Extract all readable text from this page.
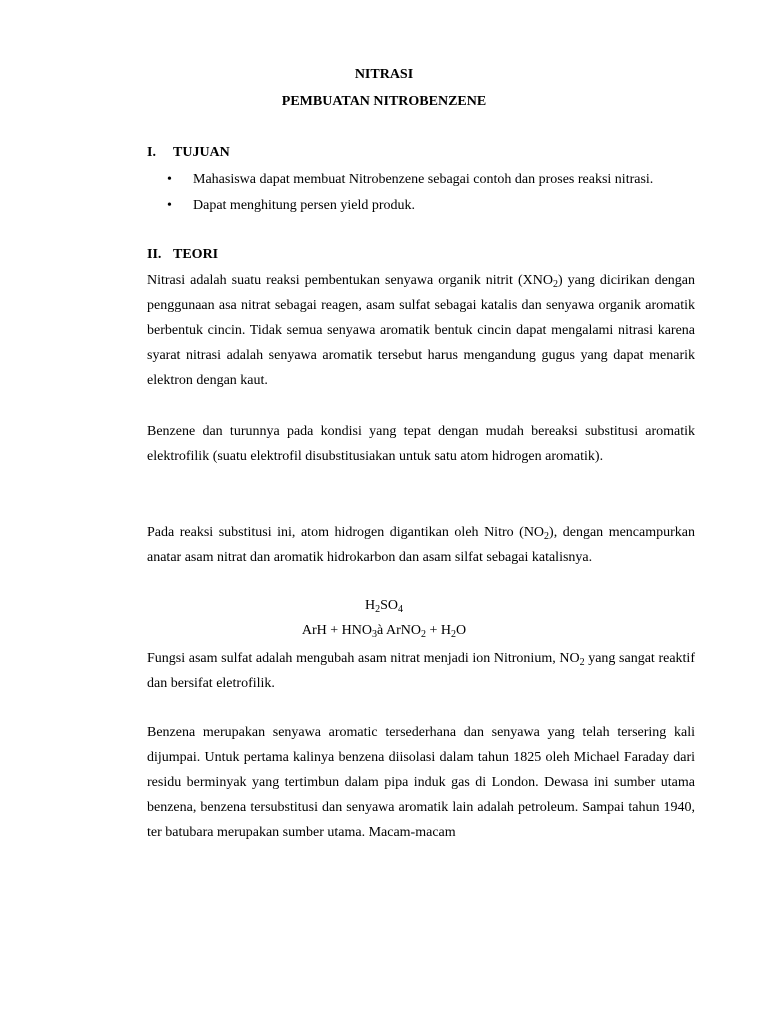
NITRASI
PEMBUATAN NITROBENZENE
I. TUJUAN
• Mahasiswa dapat membuat Nitrobenzene sebagai contoh dan proses reaksi nitrasi.
• Dapat menghitung persen yield produk.
II. TEORI

Nitrasi adalah suatu reaksi pembentukan senyawa organik nitrit $(XNO_2)$ yang dicirikan dengan penggunaan asa nitrat sebagai reagen, asam sulfat sebagai katalis dan senyawa organik aromatik berbentuk cincin. Tidak semua senyawa aromatik bentuk cincin dapat mengalami nitrasi karena syarat nitrasi adalah senyawa aromatik tersebut harus mengandung gugus yang dapat menarik elektron dengan kaut.

Benzene dan turunnya pada kondisi yang tepat dengan mudah bereaksi substitusi aromatik elektrofilik (suatu elektrofil disubstitusiakan untuk satu atom hidrogen aromatik).

Pada reaksi substitusi ini, atom hidrogen digantikan oleh Nitro $(NO_2)$, dengan mencampurkan anatar asam nitrat dan aromatik hidrokarbon dan asam silfat sebagai katalisnya.

$H_2SO_4$
ArH + $HNO_3à$ ArNO$_2$ + $H_2O$

Fungsi asam sulfat adalah mengubah asam nitrat menjadi ion Nitronium, $NO_2$ yang sangat reaktif dan bersifat eletrofilik.

Benzena merupakan senyawa aromatic tersederhana dan senyawa yang telah tersering kali dijumpai. Untuk pertama kalinya benzena diisolasi dalam tahun 1825 oleh Michael Faraday dari residu berminyak yang tertimbun dalam pipa induk gas di London. Dewasa ini sumber utama benzena, benzena tersubstitusi dan senyawa aromatik lain adalah petroleum. Sampai tahun 1940, ter batubara merupakan sumber utama. Macam-macam
